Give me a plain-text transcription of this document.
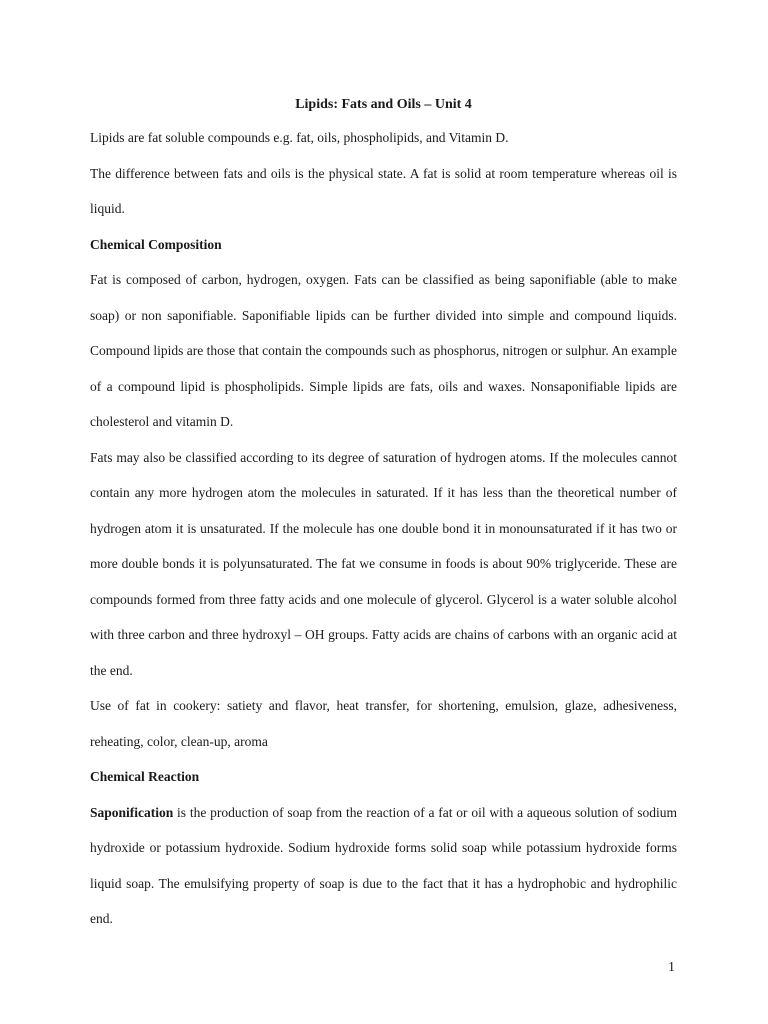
Lipids: Fats and Oils – Unit 4

Lipids are fat soluble compounds e.g. fat, oils, phospholipids, and Vitamin D.

The difference between fats and oils is the physical state. A fat is solid at room temperature whereas oil is liquid.

Chemical Composition

Fat is composed of carbon, hydrogen, oxygen. Fats can be classified as being saponifiable (able to make soap) or non saponifiable. Saponifiable lipids can be further divided into simple and compound liquids. Compound lipids are those that contain the compounds such as phosphorus, nitrogen or sulphur. An example of a compound lipid is phospholipids. Simple lipids are fats, oils and waxes. Nonsaponifiable lipids are cholesterol and vitamin D.

Fats may also be classified according to its degree of saturation of hydrogen atoms. If the molecules cannot contain any more hydrogen atom the molecules in saturated. If it has less than the theoretical number of hydrogen atom it is unsaturated. If the molecule has one double bond it in monounsaturated if it has two or more double bonds it is polyunsaturated. The fat we consume in foods is about 90% triglyceride. These are compounds formed from three fatty acids and one molecule of glycerol. Glycerol is a water soluble alcohol with three carbon and three hydroxyl – OH groups. Fatty acids are chains of carbons with an organic acid at the end.

Use of fat in cookery: satiety and flavor, heat transfer, for shortening, emulsion, glaze, adhesiveness, reheating, color, clean-up, aroma

Chemical Reaction

Saponification is the production of soap from the reaction of a fat or oil with a aqueous solution of sodium hydroxide or potassium hydroxide. Sodium hydroxide forms solid soap while potassium hydroxide forms liquid soap. The emulsifying property of soap is due to the fact that it has a hydrophobic and hydrophilic end.

1
